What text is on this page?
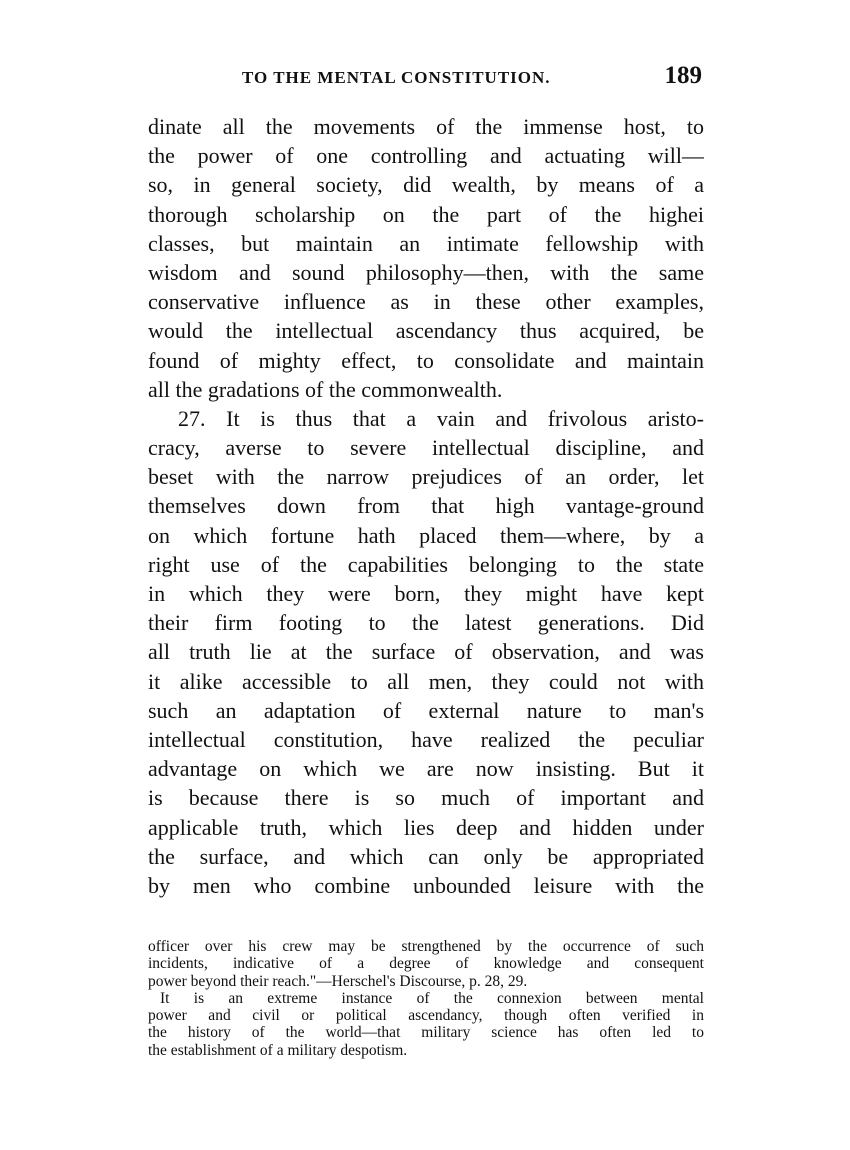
TO THE MENTAL CONSTITUTION.	189
dinate all the movements of the immense host, to
the power of one controlling and actuating will—
so, in general society, did wealth, by means of a
thorough scholarship on the part of the highei
classes, but maintain an intimate fellowship with
wisdom and sound philosophy—then, with the same
conservative influence as in these other examples,
would the intellectual ascendancy thus acquired, be
found of mighty effect, to consolidate and maintain
all the gradations of the commonwealth.
27. It is thus that a vain and frivolous aristo-
cracy, averse to severe intellectual discipline, and
beset with the narrow prejudices of an order, let
themselves down from that high vantage-ground
on which fortune hath placed them—where, by a
right use of the capabilities belonging to the state
in which they were born, they might have kept
their firm footing to the latest generations. Did
all truth lie at the surface of observation, and was
it alike accessible to all men, they could not with
such an adaptation of external nature to man's
intellectual constitution, have realized the peculiar
advantage on which we are now insisting. But it
is because there is so much of important and
applicable truth, which lies deep and hidden under
the surface, and which can only be appropriated
by men who combine unbounded leisure with the
officer over his crew may be strengthened by the occurrence of such
incidents, indicative of a degree of knowledge and consequent
power beyond their reach."—Herschel's Discourse, p. 28, 29.
It is an extreme instance of the connexion between mental
power and civil or political ascendancy, though often verified in
the history of the world—that military science has often led to
the establishment of a military despotism.
